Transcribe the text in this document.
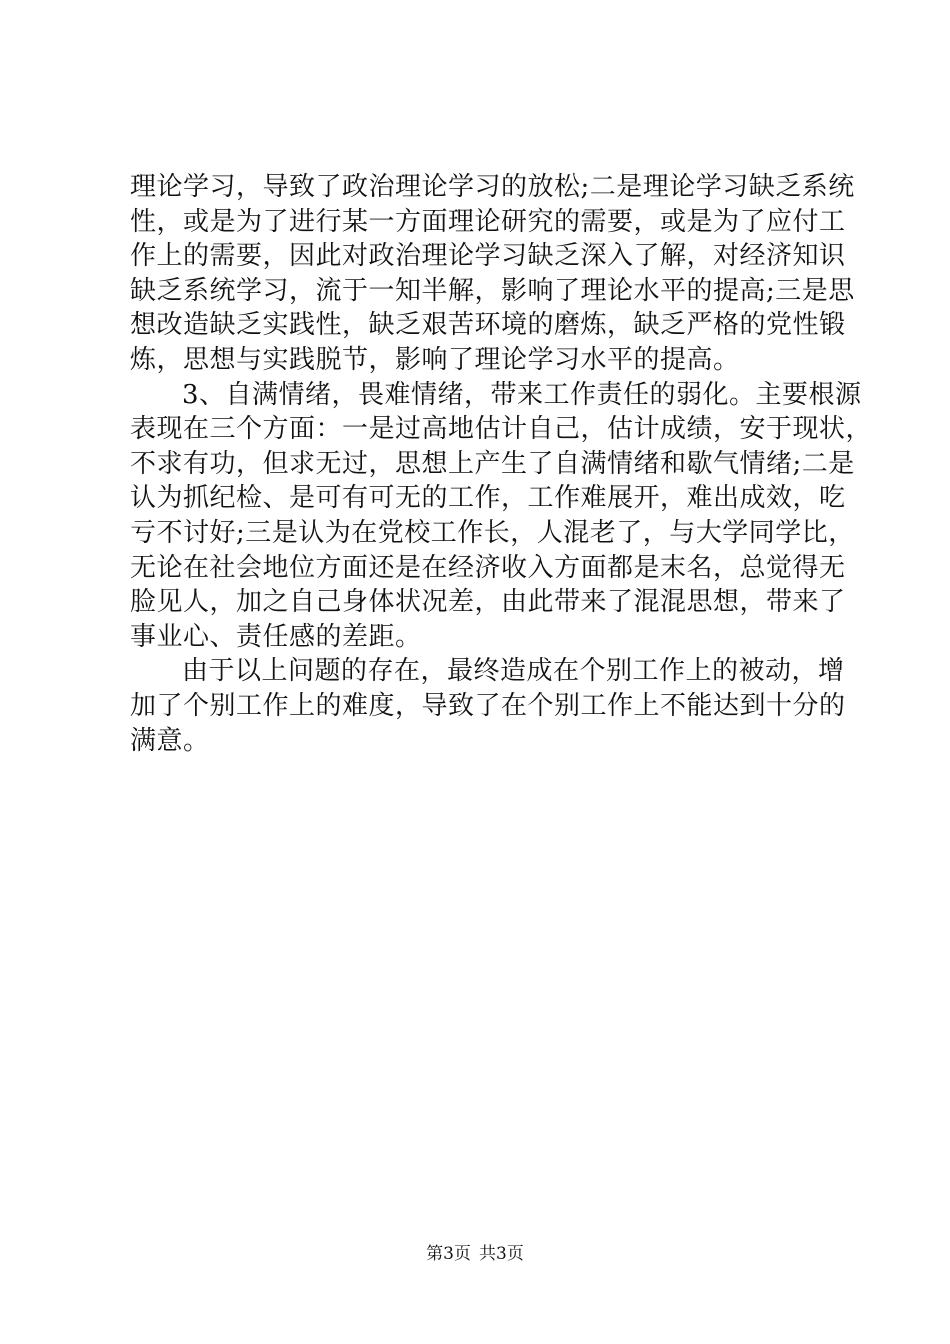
理论学习，导致了政治理论学习的放松;二是理论学习缺乏系统
性，或是为了进行某一方面理论研究的需要，或是为了应付工
作上的需要，因此对政治理论学习缺乏深入了解，对经济知识
缺乏系统学习，流于一知半解，影响了理论水平的提高;三是思
想改造缺乏实践性，缺乏艰苦环境的磨炼，缺乏严格的党性锻
炼，思想与实践脱节，影响了理论学习水平的提高。
3、自满情绪，畏难情绪，带来工作责任的弱化。主要根源
表现在三个方面：一是过高地估计自己，估计成绩，安于现状，
不求有功，但求无过，思想上产生了自满情绪和歇气情绪;二是
认为抓纪检、是可有可无的工作，工作难展开，难出成效，吃
亏不讨好;三是认为在党校工作长，人混老了，与大学同学比，
无论在社会地位方面还是在经济收入方面都是末名，总觉得无
脸见人，加之自己身体状况差，由此带来了混混思想，带来了
事业心、责任感的差距。
由于以上问题的存在，最终造成在个别工作上的被动，增
加了个别工作上的难度，导致了在个别工作上不能达到十分的
满意。
第3页 共3页
